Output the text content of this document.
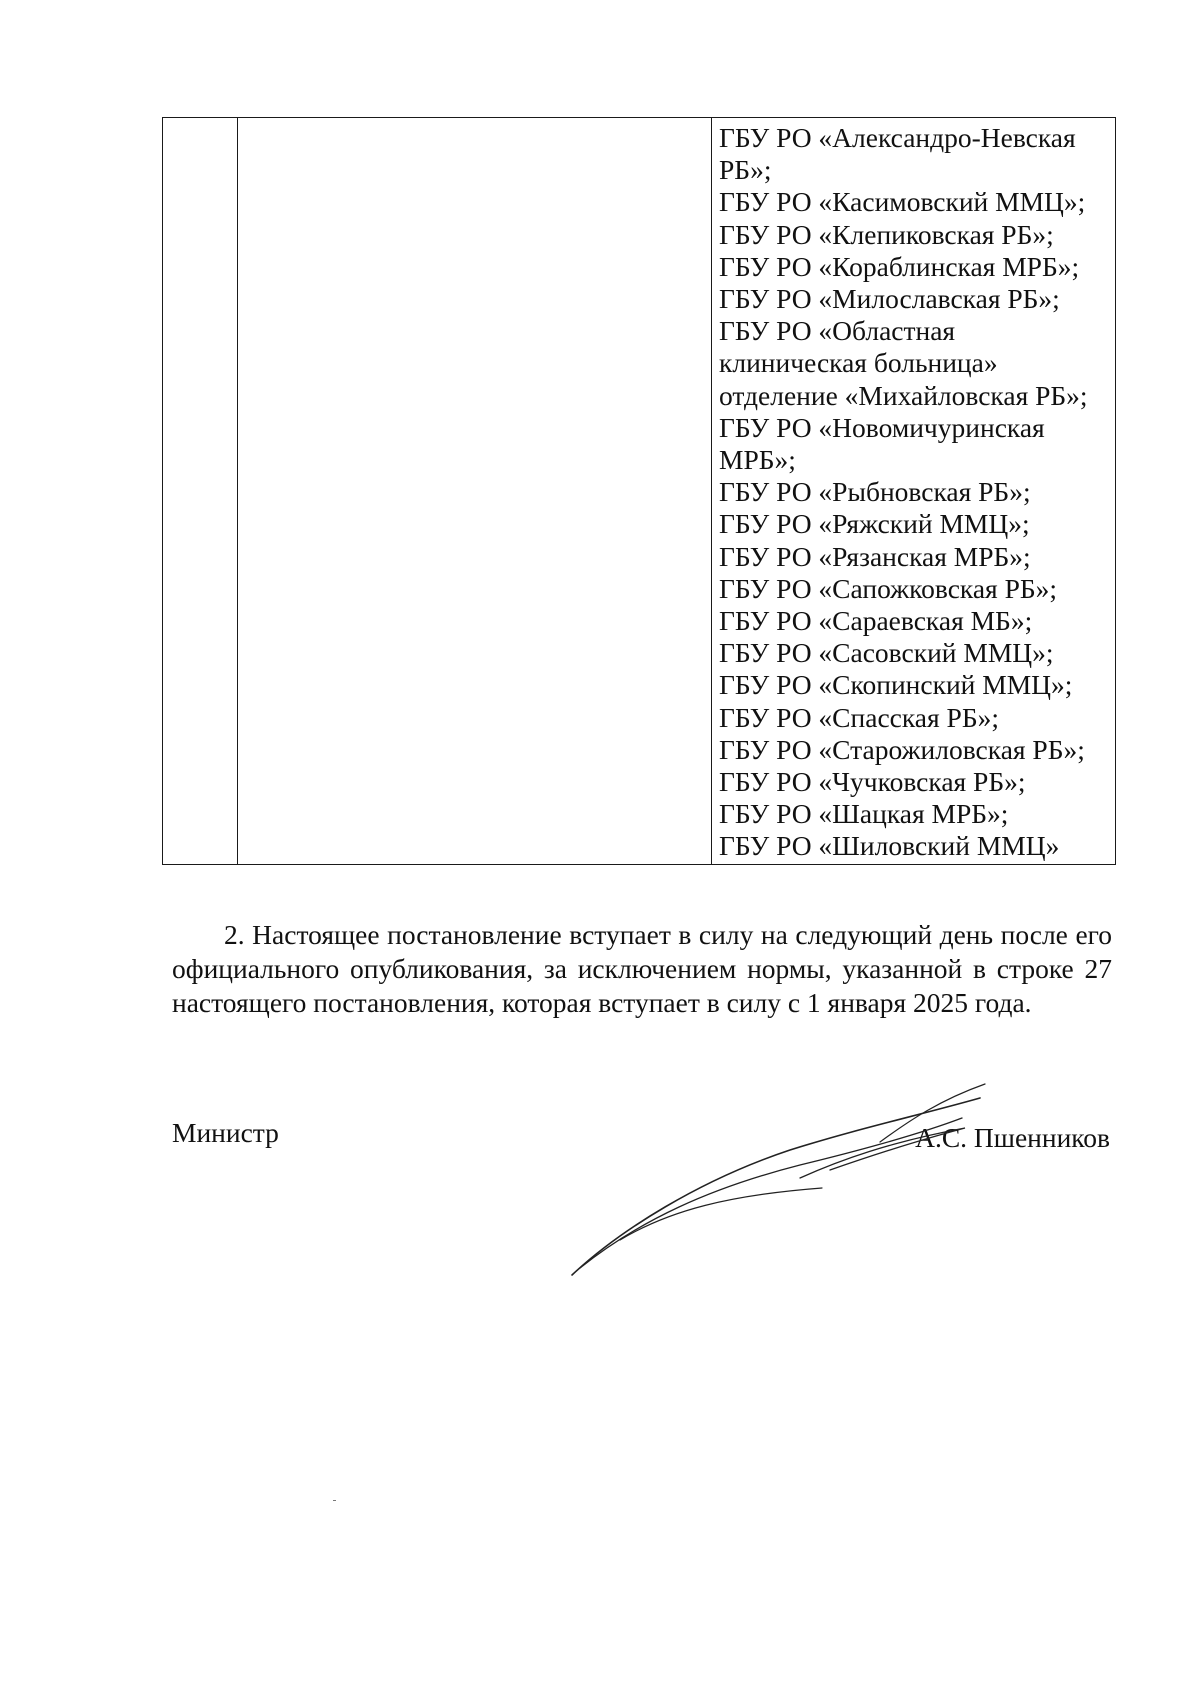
ГБУ РО «Александро-Невская
РБ»;
ГБУ РО «Касимовский ММЦ»;
ГБУ РО «Клепиковская РБ»;
ГБУ РО «Кораблинская МРБ»;
ГБУ РО «Милославская РБ»;
ГБУ РО «Областная
клиническая больница»
отделение «Михайловская РБ»;
ГБУ РО «Новомичуринская
МРБ»;
ГБУ РО «Рыбновская РБ»;
ГБУ РО «Ряжский ММЦ»;
ГБУ РО «Рязанская МРБ»;
ГБУ РО «Сапожковская РБ»;
ГБУ РО «Сараевская МБ»;
ГБУ РО «Сасовский ММЦ»;
ГБУ РО «Скопинский ММЦ»;
ГБУ РО «Спасская РБ»;
ГБУ РО «Старожиловская РБ»;
ГБУ РО «Чучковская РБ»;
ГБУ РО «Шацкая МРБ»;
ГБУ РО «Шиловский ММЦ»

2. Настоящее постановление вступает в силу на следующий день после его официального опубликования, за исключением нормы, указанной в строке 27 настоящего постановления, которая вступает в силу с 1 января 2025 года.

Министр	А.С. Пшенников
